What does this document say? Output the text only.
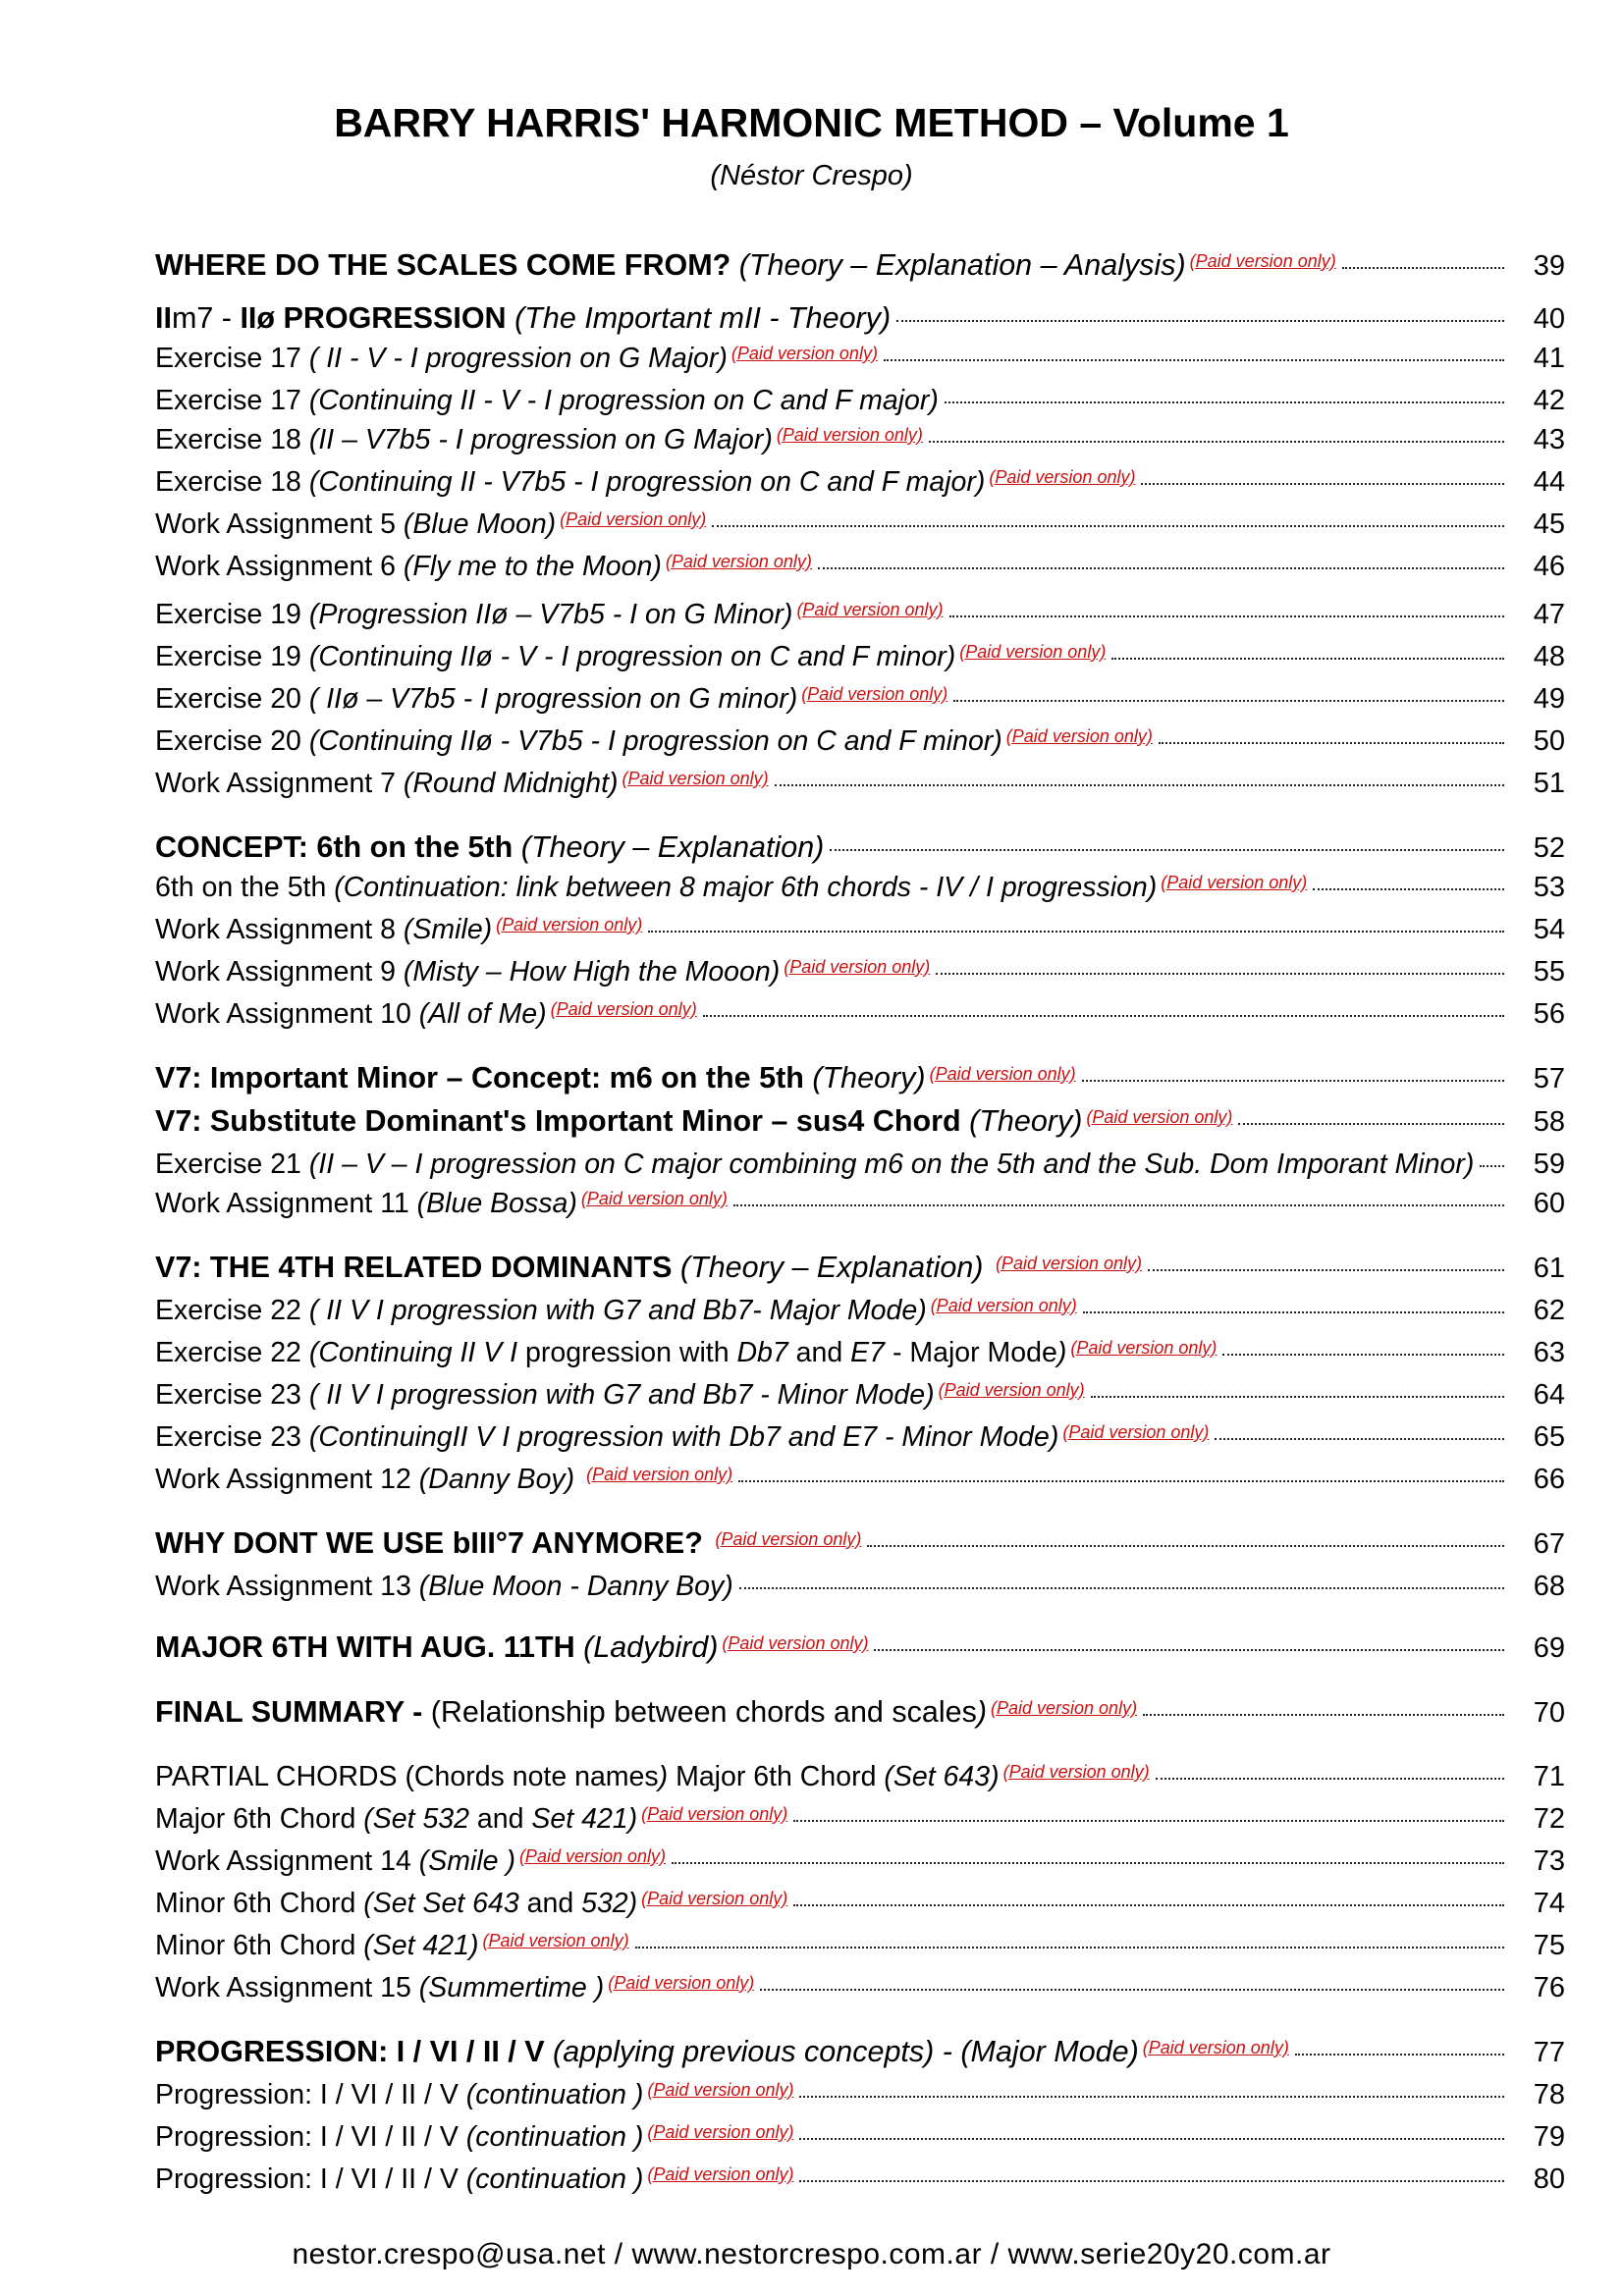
BARRY HARRIS' HARMONIC METHOD – Volume 1
(Néstor Crespo)
WHERE DO THE SCALES COME FROM? (Theory – Explanation – Analysis) $^{(Paid version only)}$	39
IIm7 - IIø PROGRESSION (The Important mII - Theory)	40
Exercise 17 ( II - V - I progression on G Major) $^{(Paid version only)}$	41
Exercise 17 (Continuing II - V - I progression on C and F major)	42
Exercise 18 (II – V7b5 - I progression on G Major) $^{(Paid version only)}$	43
Exercise 18 (Continuing II - V7b5 - I progression on C and F major) $^{(Paid version only)}$	44
Work Assignment 5 (Blue Moon) $^{(Paid version only)}$	45
Work Assignment 6 (Fly me to the Moon) $^{(Paid version only)}$	46
Exercise 19 (Progression IIø – V7b5 - I on G Minor) $^{(Paid version only)}$	47
Exercise 19 (Continuing IIø - V - I progression on C and F minor) $^{(Paid version only)}$	48
Exercise 20 ( IIø – V7b5 - I progression on G minor) $^{(Paid version only)}$	49
Exercise 20 (Continuing IIø - V7b5 - I progression on C and F minor) $^{(Paid version only)}$	50
Work Assignment 7 (Round Midnight) $^{(Paid version only)}$	51
CONCEPT: 6th on the 5th (Theory – Explanation)	52
6th on the 5th (Continuation: link between 8 major 6th chords - IV / I progression) $^{(Paid version only)}$	53
Work Assignment 8 (Smile) $^{(Paid version only)}$	54
Work Assignment 9 (Misty – How High the Mooon) $^{(Paid version only)}$	55
Work Assignment 10 (All of Me) $^{(Paid version only)}$	56
V7: Important Minor – Concept: m6 on the 5th (Theory) $^{(Paid version only)}$	57
V7: Substitute Dominant's Important Minor – sus4 Chord (Theory) $^{(Paid version only)}$	58
Exercise 21 (II – V – I progression on C major combining m6 on the 5th and the Sub. Dom Imporant Minor)	59
Work Assignment 11 (Blue Bossa) $^{(Paid version only)}$	60
V7: THE 4TH RELATED DOMINANTS (Theory – Explanation) $^{(Paid version only)}$	61
Exercise 22 ( II V I progression with G7 and Bb7- Major Mode) $^{(Paid version only)}$	62
Exercise 22 (Continuing II V I progression with Db7 and E7 - Major Mode) $^{(Paid version only)}$	63
Exercise 23 ( II V I progression with G7 and Bb7 - Minor Mode) $^{(Paid version only)}$	64
Exercise 23 (ContinuingII V I progression with Db7 and E7 - Minor Mode) $^{(Paid version only)}$	65
Work Assignment 12 (Danny Boy) $^{(Paid version only)}$	66
WHY DONT WE USE bIII°7 ANYMORE? $^{(Paid version only)}$	67
Work Assignment 13 (Blue Moon - Danny Boy)	68
MAJOR 6TH WITH AUG. 11TH (Ladybird) $^{(Paid version only)}$	69
FINAL SUMMARY - (Relationship between chords and scales) $^{(Paid version only)}$	70
PARTIAL CHORDS (Chords note names) Major 6th Chord (Set 643) $^{(Paid version only)}$	71
Major 6th Chord (Set 532 and Set 421) $^{(Paid version only)}$	72
Work Assignment 14 (Smile ) $^{(Paid version only)}$	73
Minor 6th Chord (Set Set 643 and 532) $^{(Paid version only)}$	74
Minor 6th Chord (Set 421) $^{(Paid version only)}$	75
Work Assignment 15 (Summertime ) $^{(Paid version only)}$	76
PROGRESSION: I / VI / II / V (applying previous concepts) - (Major Mode) $^{(Paid version only)}$	77
Progression: I / VI / II / V (continuation ) $^{(Paid version only)}$	78
Progression: I / VI / II / V (continuation ) $^{(Paid version only)}$	79
Progression: I / VI / II / V (continuation ) $^{(Paid version only)}$	80
nestor.crespo@usa.net / www.nestorcrespo.com.ar / www.serie20y20.com.ar
